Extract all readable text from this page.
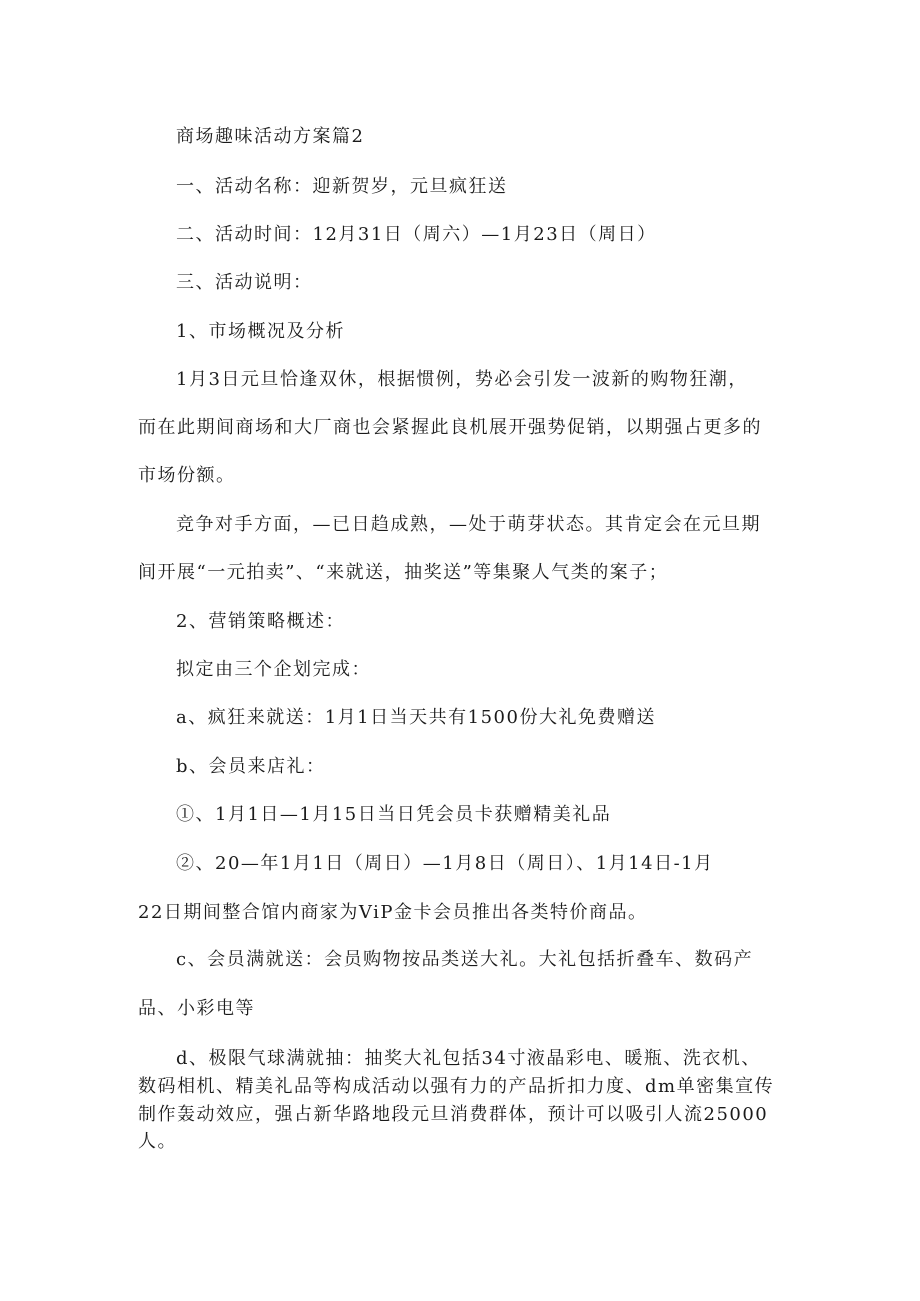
商场趣味活动方案篇2

一、活动名称：迎新贺岁，元旦疯狂送

二、活动时间：12月31日（周六）—1月23日（周日）

三、活动说明：

1、市场概况及分析

1月3日元旦恰逢双休，根据惯例，势必会引发一波新的购物狂潮，

而在此期间商场和大厂商也会紧握此良机展开强势促销，以期强占更多的

市场份额。

竞争对手方面，—已日趋成熟，—处于萌芽状态。其肯定会在元旦期

间开展“一元拍卖”、“来就送，抽奖送”等集聚人气类的案子；

2、营销策略概述：

拟定由三个企划完成：

a、疯狂来就送：1月1日当天共有1500份大礼免费赠送

b、会员来店礼：

①、1月1日—1月15日当日凭会员卡获赠精美礼品

②、20—年1月1日（周日）—1月8日（周日）、1月14日-1月

22日期间整合馆内商家为ViP金卡会员推出各类特价商品。

c、会员满就送：会员购物按品类送大礼。大礼包括折叠车、数码产

品、小彩电等

d、极限气球满就抽：抽奖大礼包括34寸液晶彩电、暖瓶、洗衣机、

数码相机、精美礼品等构成活动以强有力的产品折扣力度、dm单密集宣传

制作轰动效应，强占新华路地段元旦消费群体，预计可以吸引人流25000

人。
